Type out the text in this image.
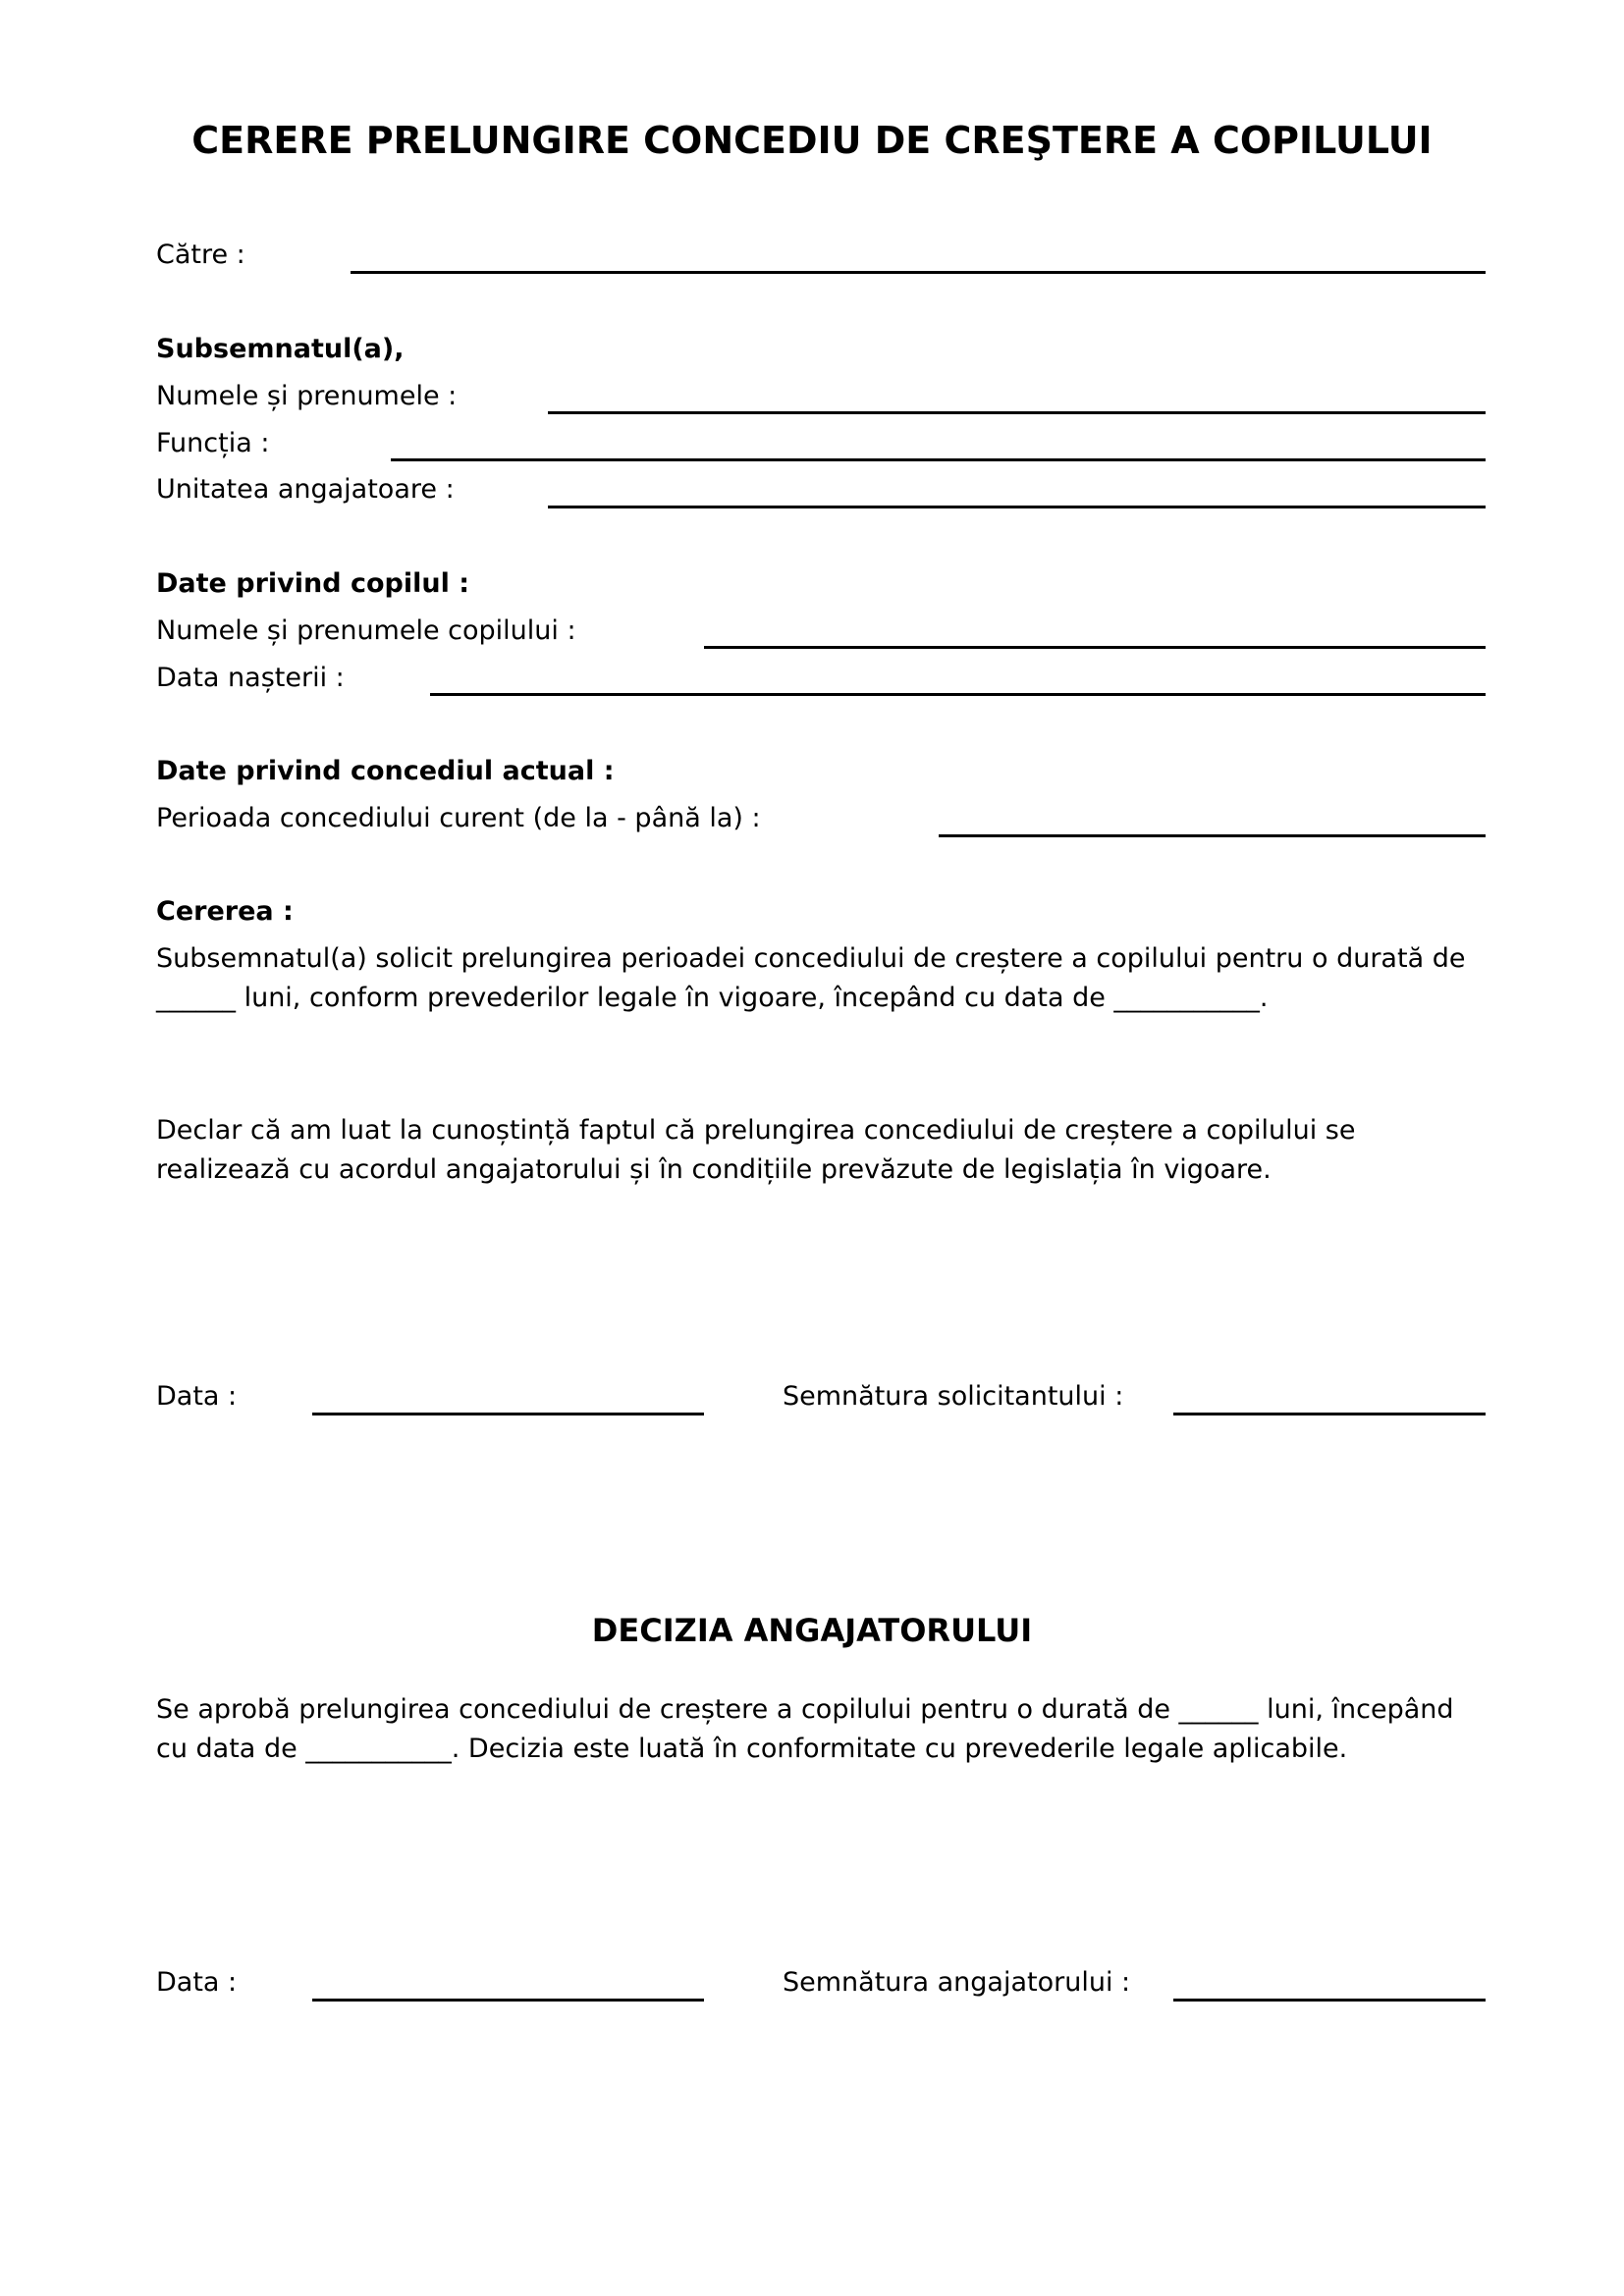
CERERE PRELUNGIRE CONCEDIU DE CREŞTERE A COPILULUI
Către :
Subsemnatul(a),
Numele și prenumele :
Funcția :
Unitatea angajatoare :
Date privind copilul :
Numele și prenumele copilului :
Data nașterii :
Date privind concediul actual :
Perioada concediului curent (de la - până la) :
Cererea :
Subsemnatul(a) solicit prelungirea perioadei concediului de creștere a copilului pentru o durată de ______ luni, conform prevederilor legale în vigoare, începând cu data de ___________.
Declar că am luat la cunoștință faptul că prelungirea concediului de creștere a copilului se realizează cu acordul angajatorului și în condițiile prevăzute de legislația în vigoare.
Data :	Semnătura solicitantului :
DECIZIA ANGAJATORULUI
Se aprobă prelungirea concediului de creștere a copilului pentru o durată de ______ luni, începând cu data de ___________. Decizia este luată în conformitate cu prevederile legale aplicabile.
Data :	Semnătura angajatorului :
